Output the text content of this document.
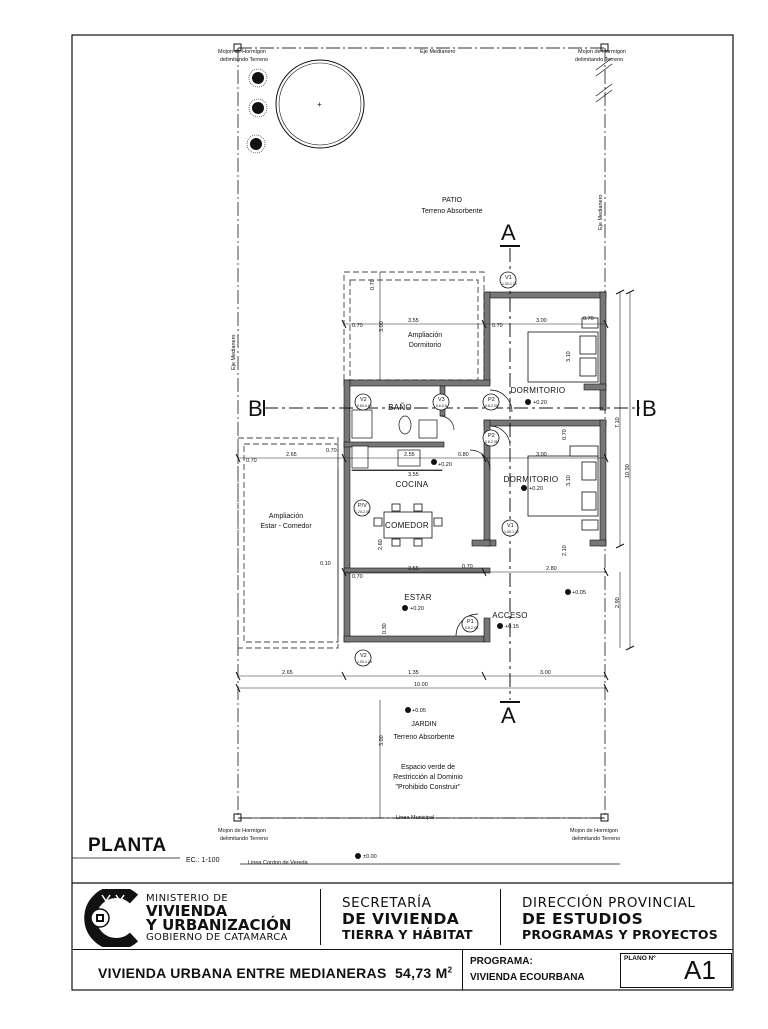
+
A
A
B	B
V1
1.00-1.20
V2
0.60-0.60
V3
0.6-0.6
P2
0.8-2.05
P2
0.8-2.05
P/V
1.20-2.05
V1
1.00-1.20
V2
1.00-1.20
P1
0.9-2.05
Mojon de Hormigon
delimitando Terreno
Mojon de Hormigon
delimitando Terreno
Mojon de Hormigon
delimitando Terreno
Mojon de Hormigon
delimitando Terreno
Eje Medianero
Eje Medianero
Eje Medianero
Linea Municipal
Linea Cordon de Vereda
PATIO
Terreno Absorbente
Ampliación
Dormitorio
Ampliación
Estar - Comedor
DORMITORIO
DORMITORIO
BAÑO
COCINA
COMEDOR
ESTAR
ACCESO
JARDIN
Terreno Absorbente
Espacio verde de
Restricción al Dominio
"Prohibido Construir"
+0.20
+0.20
+0.20
+0.20
+0.15
+0.05
+0.05
±0.00
3.55	3.00
0.70	0.70
0.70
0.70
2.65
0.70
2.55	0.80	3.00
3.55
3.55
0.70
0.70	2.80
2.65	1.35	3.00
10.00
0.10
7.10
10.30
2.90
3.10
3.10
3.00
3.00
0.70
2.60
0.30
0.70
2.10
PLANTA
EC.: 1-100
MINISTERIO DE
VIVIENDA
Y URBANIZACIÓN
GOBIERNO DE CATAMARCA
SECRETARÍA
DE VIVIENDA
TIERRA Y HÁBITAT
DIRECCIÓN PROVINCIAL
DE ESTUDIOS
PROGRAMAS Y PROYECTOS
VIVIENDA URBANA ENTRE MEDIANERAS  54,73 $M^2$
PROGRAMA:
VIVIENDA ECOURBANA
PLANO Nº A1
